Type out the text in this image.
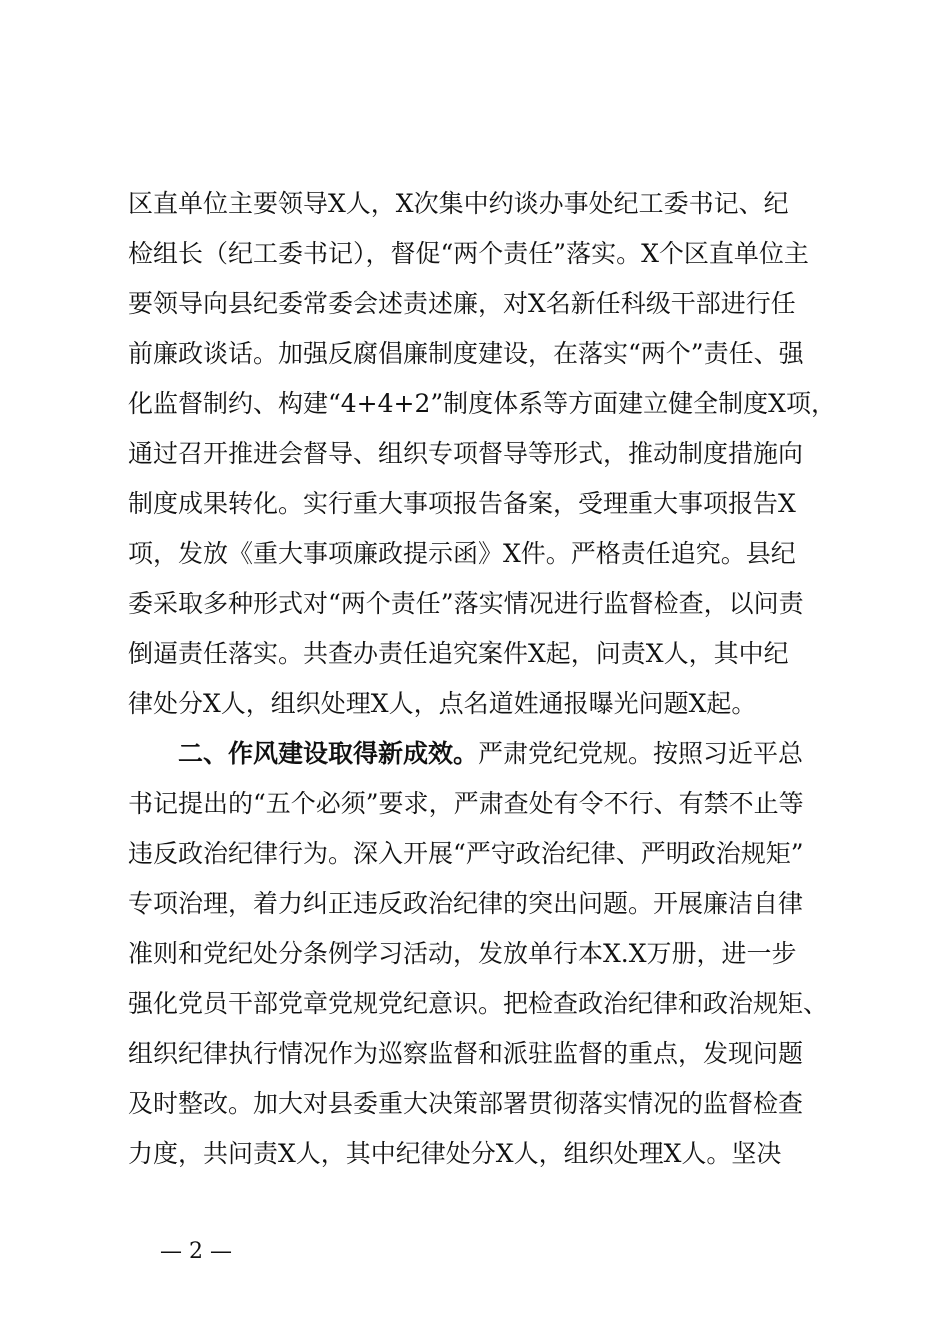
区直单位主要领导X人，X次集中约谈办事处纪工委书记、纪
检组长（纪工委书记），督促“两个责任”落实。X个区直单位主
要领导向县纪委常委会述责述廉，对X名新任科级干部进行任
前廉政谈话。加强反腐倡廉制度建设，在落实“两个”责任、强
化监督制约、构建“4+4+2”制度体系等方面建立健全制度X项，
通过召开推进会督导、组织专项督导等形式，推动制度措施向
制度成果转化。实行重大事项报告备案，受理重大事项报告X
项，发放《重大事项廉政提示函》X件。严格责任追究。县纪
委采取多种形式对“两个责任”落实情况进行监督检查，以问责
倒逼责任落实。共查办责任追究案件X起，问责X人，其中纪
律处分X人，组织处理X人，点名道姓通报曝光问题X起。
二、作风建设取得新成效。严肃党纪党规。按照习近平总
书记提出的“五个必须”要求，严肃查处有令不行、有禁不止等
违反政治纪律行为。深入开展“严守政治纪律、严明政治规矩”
专项治理，着力纠正违反政治纪律的突出问题。开展廉洁自律
准则和党纪处分条例学习活动，发放单行本X.X万册，进一步
强化党员干部党章党规党纪意识。把检查政治纪律和政治规矩、
组织纪律执行情况作为巡察监督和派驻监督的重点，发现问题
及时整改。加大对县委重大决策部署贯彻落实情况的监督检查
力度，共问责X人，其中纪律处分X人，组织处理X人。坚决
— 2 —
